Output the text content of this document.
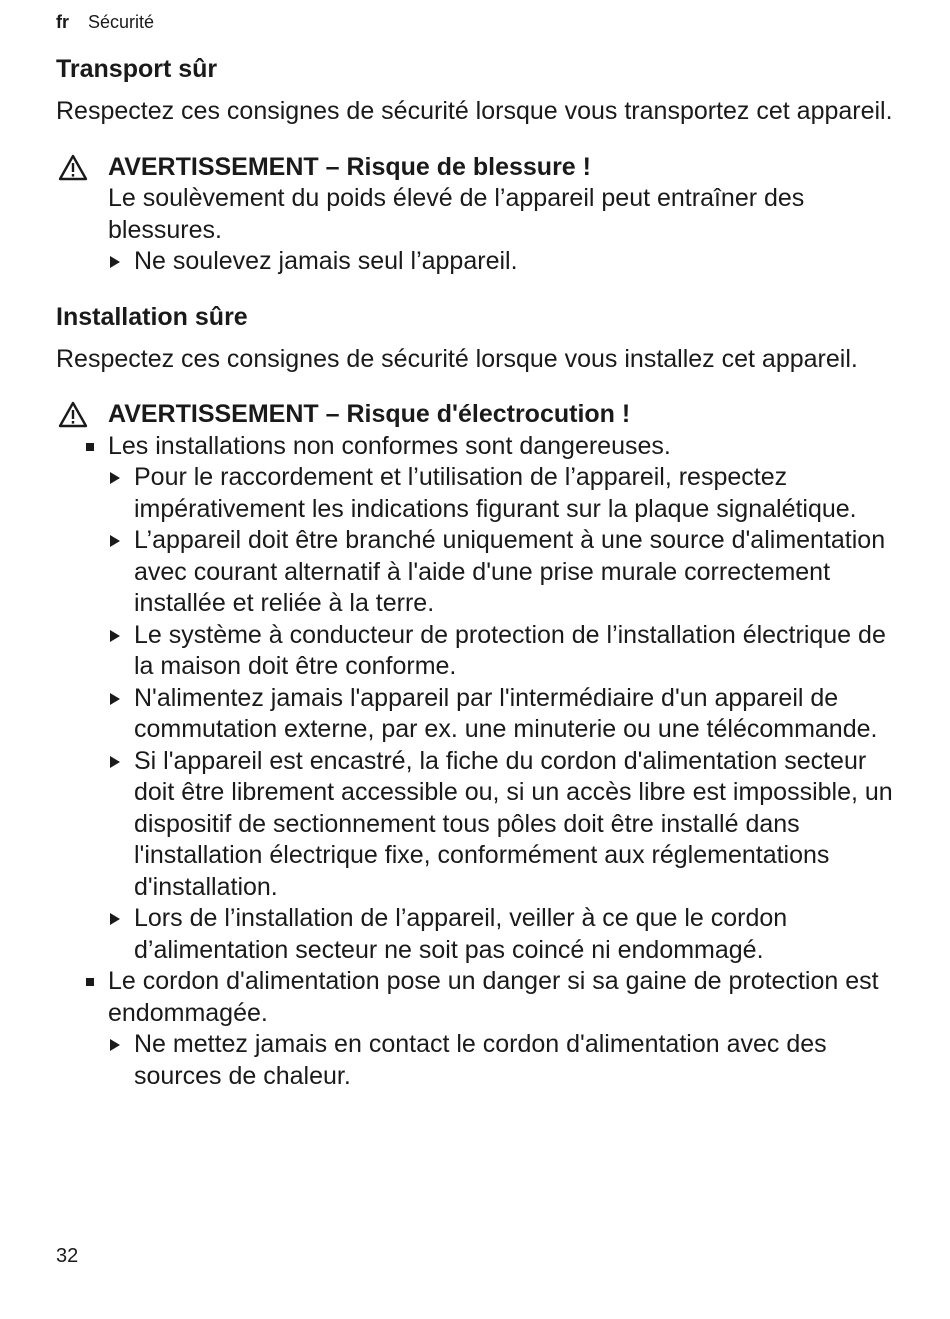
fr Sécurité
Transport sûr

Respectez ces consignes de sécurité lorsque vous transportez cet appareil.

AVERTISSEMENT – Risque de blessure !
Le soulèvement du poids élevé de l’appareil peut entraîner des blessures.
Ne soulevez jamais seul l’appareil.
Installation sûre

Respectez ces consignes de sécurité lorsque vous installez cet appareil.

AVERTISSEMENT – Risque d'électrocution !
Les installations non conformes sont dangereuses.
Pour le raccordement et l’utilisation de l’appareil, respectez impérativement les indications figurant sur la plaque signalétique.
L’appareil doit être branché uniquement à une source d'alimentation avec courant alternatif à l'aide d'une prise murale correctement installée et reliée à la terre.
Le système à conducteur de protection de l’installation électrique de la maison doit être conforme.
N'alimentez jamais l'appareil par l'intermédiaire d'un appareil de commutation externe, par ex. une minuterie ou une télécommande.
Si l'appareil est encastré, la fiche du cordon d'alimentation secteur doit être librement accessible ou, si un accès libre est impossible, un dispositif de sectionnement tous pôles doit être installé dans l'installation électrique fixe, conformément aux réglementations d'installation.
Lors de l’installation de l’appareil, veiller à ce que le cordon d’alimentation secteur ne soit pas coincé ni endommagé.
Le cordon d'alimentation pose un danger si sa gaine de protection est endommagée.
Ne mettez jamais en contact le cordon d'alimentation avec des sources de chaleur.
32
